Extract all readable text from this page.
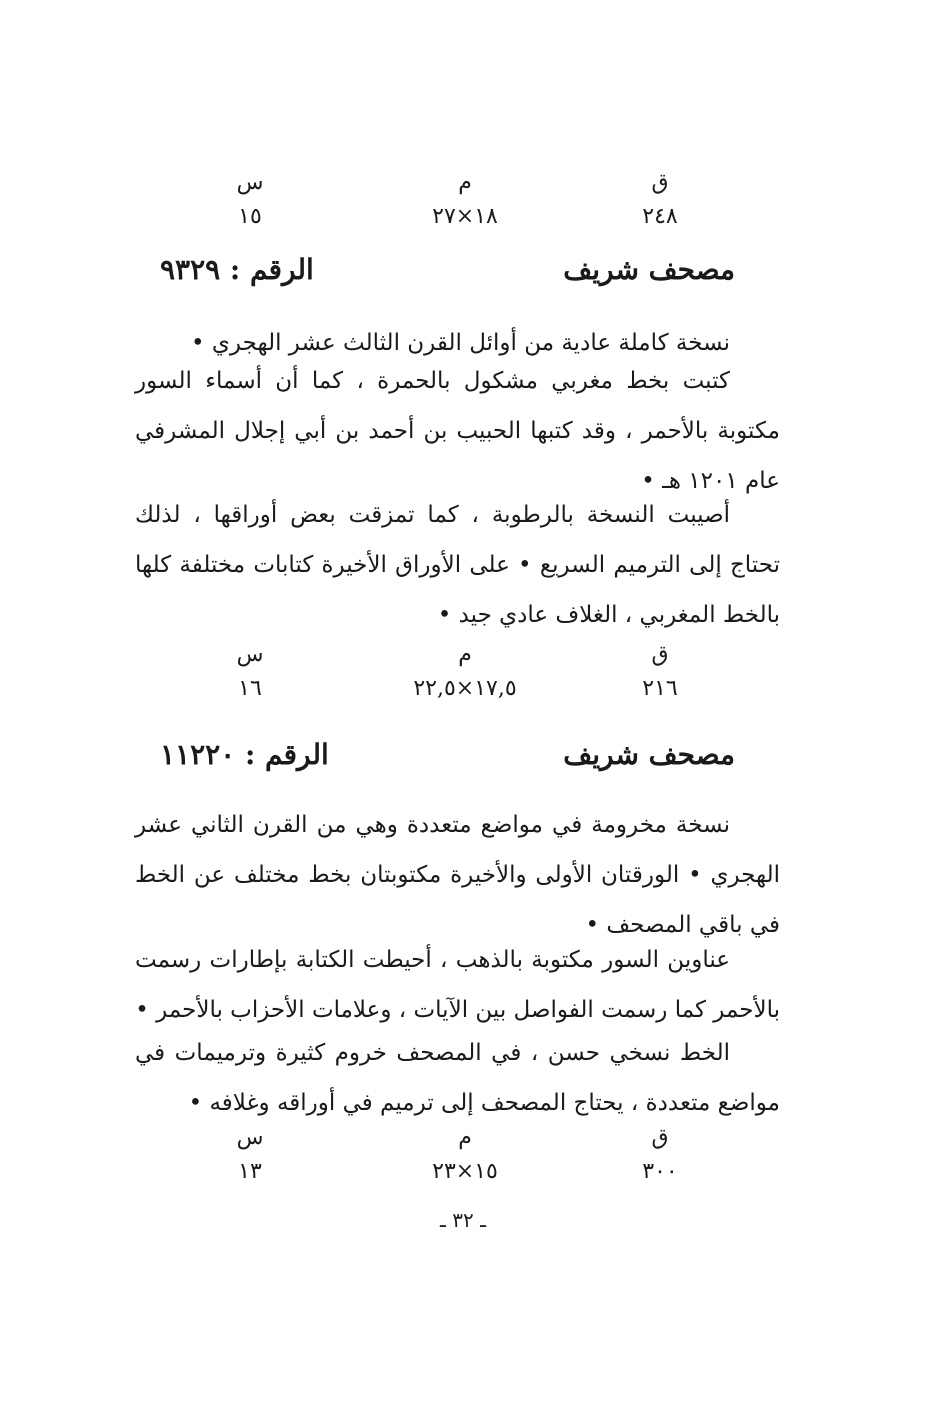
ق
٢٤٨
م
١٨×٢٧
س
١٥
مصحف شريف
الرقم : ٩٣٢٩
نسخة كاملة عادية من أوائل القرن الثالث عشر الهجري •
كتبت بخط مغربي مشكول بالحمرة ، كما أن أسماء السور مكتوبة بالأحمر ، وقد كتبها الحبيب بن أحمد بن أبي إجلال المشرفي عام ١٢٠١ هـ •
أصيبت النسخة بالرطوبة ، كما تمزقت بعض أوراقها ، لذلك تحتاج إلى الترميم السريع • على الأوراق الأخيرة كتابات مختلفة كلها بالخط المغربي ، الغلاف عادي جيد •
ق
٢١٦
م
١٧,٥×٢٢,٥
س
١٦
مصحف شريف
الرقم : ١١٢٢٠
نسخة مخرومة في مواضع متعددة وهي من القرن الثاني عشر الهجري • الورقتان الأولى والأخيرة مكتوبتان بخط مختلف عن الخط في باقي المصحف •
عناوين السور مكتوبة بالذهب ، أحيطت الكتابة بإطارات رسمت بالأحمر كما رسمت الفواصل بين الآيات ، وعلامات الأحزاب بالأحمر •
الخط نسخي حسن ، في المصحف خروم كثيرة وترميمات في مواضع متعددة ، يحتاج المصحف إلى ترميم في أوراقه وغلافه •
ق
٣٠٠
م
١٥×٢٣
س
١٣
ـ ٣٢ ـ
